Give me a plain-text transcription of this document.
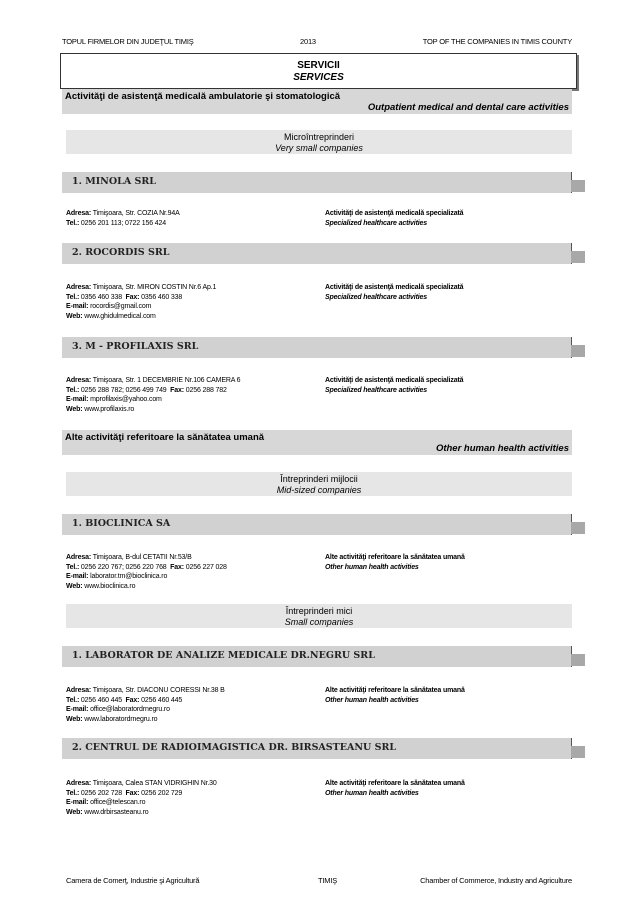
TOPUL FIRMELOR DIN JUDEŢUL TIMIŞ	2013	TOP OF THE COMPANIES IN TIMIS COUNTY
SERVICII
SERVICES
Activităţi de asistenţă medicală ambulatorie şi stomatologică
Outpatient medical and dental care activities
Microîntreprinderi
Very small companies
1. MINOLA SRL
Adresa: Timişoara, Str. COZIA Nr.94A
Tel.: 0256 201 113; 0722 156 424
Activităţi de asistenţă medicală specializată
Specialized healthcare activities
2. ROCORDIS SRL
Adresa: Timişoara, Str. MIRON COSTIN Nr.6 Ap.1
Tel.: 0356 460 338 Fax: 0356 460 338
E-mail: rocordis@gmail.com
Web: www.ghidulmedical.com
Activităţi de asistenţă medicală specializată
Specialized healthcare activities
3. M - PROFILAXIS SRL
Adresa: Timişoara, Str. 1 DECEMBRIE Nr.106 CAMERA 6
Tel.: 0256 288 782; 0256 499 749 Fax: 0256 288 782
E-mail: mprofilaxis@yahoo.com
Web: www.profilaxis.ro
Activităţi de asistenţă medicală specializată
Specialized healthcare activities
Alte activităţi referitoare la sănătatea umană
Other human health activities
Întreprinderi mijlocii
Mid-sized companies
1. BIOCLINICA SA
Adresa: Timişoara, B-dul CETATII Nr.53/B
Tel.: 0256 220 767; 0256 220 768 Fax: 0256 227 028
E-mail: laborator.tm@bioclinica.ro
Web: www.bioclinica.ro
Alte activităţi referitoare la sănătatea umană
Other human health activities
Întreprinderi mici
Small companies
1. LABORATOR DE ANALIZE MEDICALE DR.NEGRU SRL
Adresa: Timişoara, Str. DIACONU CORESSI Nr.38 B
Tel.: 0256 460 445 Fax: 0256 460 445
E-mail: office@laboratordrnegru.ro
Web: www.laboratordrnegru.ro
Alte activităţi referitoare la sănătatea umană
Other human health activities
2. CENTRUL DE RADIOIMAGISTICA DR. BIRSASTEANU SRL
Adresa: Timişoara, Calea STAN VIDRIGHIN Nr.30
Tel.: 0256 202 728 Fax: 0256 202 729
E-mail: office@telescan.ro
Web: www.drbirsasteanu.ro
Alte activităţi referitoare la sănătatea umană
Other human health activities
Camera de Comerţ, Industrie şi Agricultură	TIMIŞ	Chamber of Commerce, Industry and Agriculture
